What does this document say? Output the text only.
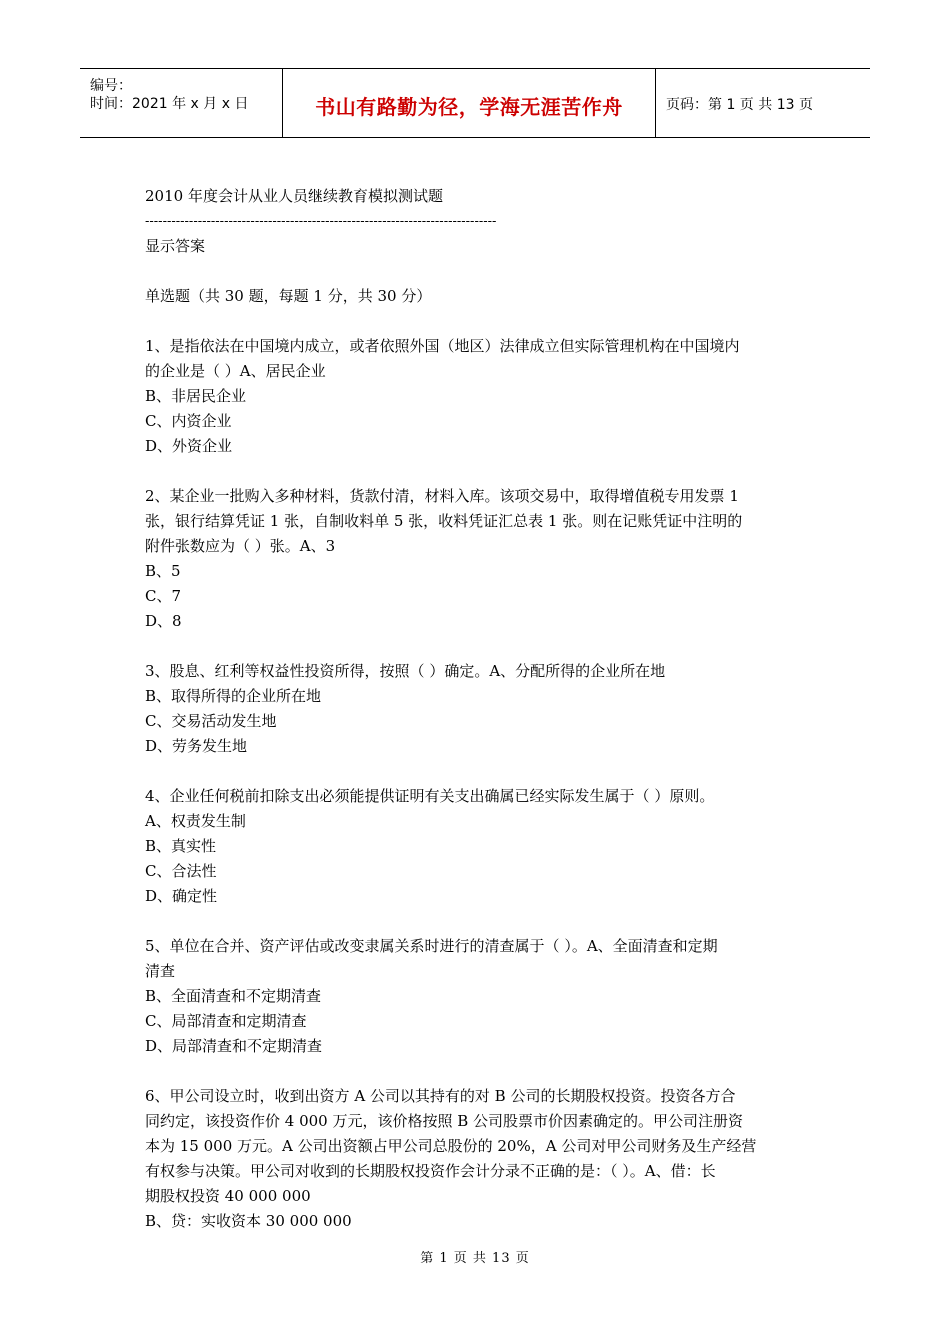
编号：
时间：2021 年 x 月 x 日	书山有路勤为径，学海无涯苦作舟	页码：第 1 页 共 13 页
2010 年度会计从业人员继续教育模拟测试题
--------------------------------------------------------------------------------
显示答案
单选题（共 30 题，每题 1 分，共 30 分）
1、是指依法在中国境内成立，或者依照外国（地区）法律成立但实际管理机构在中国境内
的企业是（ ）A、居民企业
B、非居民企业
C、内资企业
D、外资企业
2、某企业一批购入多种材料，货款付清，材料入库。该项交易中，取得增值税专用发票 1
张，银行结算凭证 1 张，自制收料单 5 张，收料凭证汇总表 1 张。则在记账凭证中注明的
附件张数应为（ ）张。A、3
B、5
C、7
D、8
3、股息、红利等权益性投资所得，按照（ ）确定。A、分配所得的企业所在地
B、取得所得的企业所在地
C、交易活动发生地
D、劳务发生地
4、企业任何税前扣除支出必须能提供证明有关支出确属已经实际发生属于（ ）原则。
A、权责发生制
B、真实性
C、合法性
D、确定性
5、单位在合并、资产评估或改变隶属关系时进行的清查属于（ ）。A、全面清查和定期
清查
B、全面清查和不定期清查
C、局部清查和定期清查
D、局部清查和不定期清查
6、甲公司设立时，收到出资方 A 公司以其持有的对 B 公司的长期股权投资。投资各方合
同约定，该投资作价 4 000 万元，该价格按照 B 公司股票市价因素确定的。甲公司注册资
本为 15 000 万元。A 公司出资额占甲公司总股份的 20%，A 公司对甲公司财务及生产经营
有权参与决策。甲公司对收到的长期股权投资作会计分录不正确的是：（ ）。A、借：长
期股权投资 40 000 000
B、贷：实收资本 30 000 000
第 1 页 共 13 页
